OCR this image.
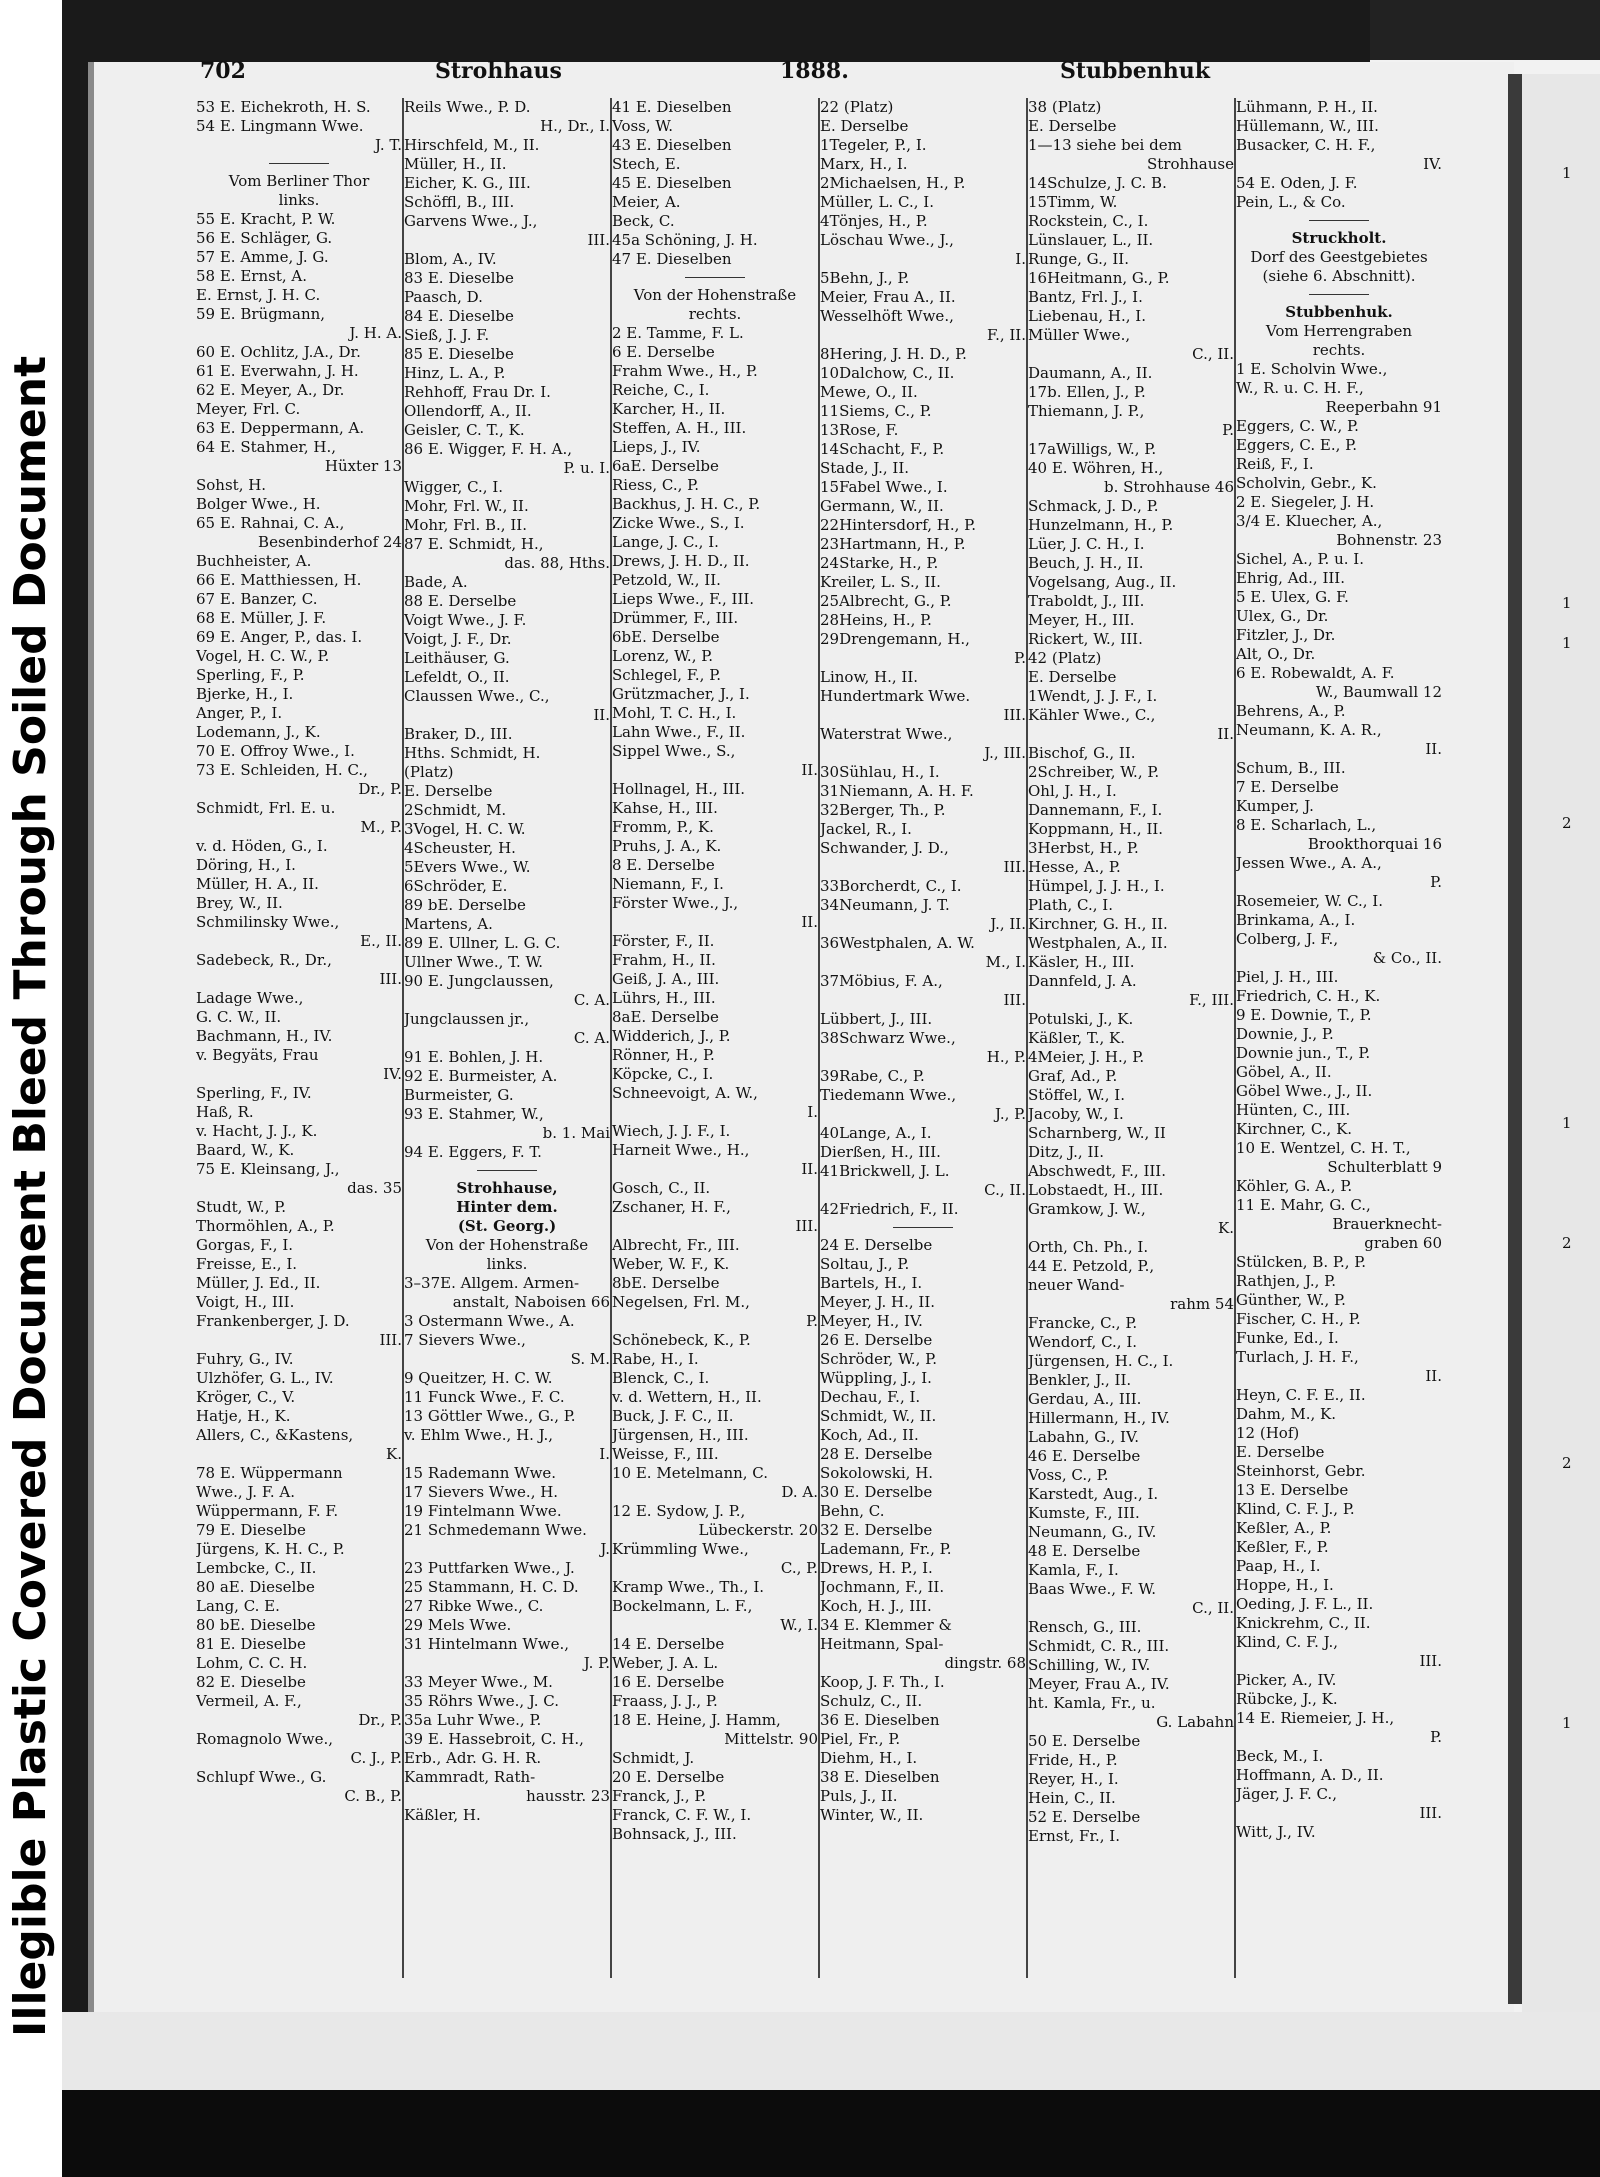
Illegible Plastic Covered Document Bleed Through Soiled Document
1
1
1
2
1
2
2
1
702	Strohhaus	1888.	Stubbenhuk
53 E. Eichekroth, H. S.
54 E. Lingmann Wwe.
J. T.
Vom Berliner Thor
links.
55 E. Kracht, P. W.
56 E. Schläger, G.
57 E. Amme, J. G.
58 E. Ernst, A.
E. Ernst, J. H. C.
59 E. Brügmann,
J. H. A.
60 E. Ochlitz, J.A., Dr.
61 E. Everwahn, J. H.
62 E. Meyer, A., Dr.
Meyer, Frl. C.
63 E. Deppermann, A.
64 E. Stahmer, H.,
Hüxter 13
Sohst, H.
Bolger Wwe., H.
65 E. Rahnai, C. A.,
Besenbinderhof 24
Buchheister, A.
66 E. Matthiessen, H.
67 E. Banzer, C.
68 E. Müller, J. F.
69 E. Anger, P., das. I.
Vogel, H. C. W., P.
Sperling, F., P.
Bjerke, H., I.
Anger, P., I.
Lodemann, J., K.
70 E. Offroy Wwe., I.
73 E. Schleiden, H. C.,
Dr., P.
Schmidt, Frl. E. u.
M., P.
v. d. Höden, G., I.
Döring, H., I.
Müller, H. A., II.
Brey, W., II.
Schmilinsky Wwe.,
E., II.
Sadebeck, R., Dr.,
III.
Ladage Wwe.,
G. C. W., II.
Bachmann, H., IV.
v. Begyäts, Frau
IV.
Sperling, F., IV.
Haß, R.
v. Hacht, J. J., K.
Baard, W., K.
75 E. Kleinsang, J.,
das. 35
Studt, W., P.
Thormöhlen, A., P.
Gorgas, F., I.
Freisse, E., I.
Müller, J. Ed., II.
Voigt, H., III.
Frankenberger, J. D.
III.
Fuhry, G., IV.
Ulzhöfer, G. L., IV.
Kröger, C., V.
Hatje, H., K.
Allers, C., &Kastens,
K.
78 E. Wüppermann
Wwe., J. F. A.
Wüppermann, F. F.
79 E. Dieselbe
Jürgens, K. H. C., P.
Lembcke, C., II.
80 aE. Dieselbe
Lang, C. E.
80 bE. Dieselbe
81 E. Dieselbe
Lohm, C. C. H.
82 E. Dieselbe
Vermeil, A. F.,
Dr., P.
Romagnolo Wwe.,
C. J., P.
Schlupf Wwe., G.
C. B., P.
Reils Wwe., P. D.
H., Dr., I.
Hirschfeld, M., II.
Müller, H., II.
Eicher, K. G., III.
Schöffl, B., III.
Garvens Wwe., J.,
III.
Blom, A., IV.
83 E. Dieselbe
Paasch, D.
84 E. Dieselbe
Sieß, J. J. F.
85 E. Dieselbe
Hinz, L. A., P.
Rehhoff, Frau Dr. I.
Ollendorff, A., II.
Geisler, C. T., K.
86 E. Wigger, F. H. A.,
P. u. I.
Wigger, C., I.
Mohr, Frl. W., II.
Mohr, Frl. B., II.
87 E. Schmidt, H.,
das. 88, Hths.
Bade, A.
88 E. Derselbe
Voigt Wwe., J. F.
Voigt, J. F., Dr.
Leithäuser, G.
Lefeldt, O., II.
Claussen Wwe., C.,
II.
Braker, D., III.
Hths. Schmidt, H.
(Platz)
E. Derselbe
2Schmidt, M.
3Vogel, H. C. W.
4Scheuster, H.
5Evers Wwe., W.
6Schröder, E.
89 bE. Derselbe
Martens, A.
89 E. Ullner, L. G. C.
Ullner Wwe., T. W.
90 E. Jungclaussen,
C. A.
Jungclaussen jr.,
C. A.
91 E. Bohlen, J. H.
92 E. Burmeister, A.
Burmeister, G.
93 E. Stahmer, W.,
b. 1. Mai
94 E. Eggers, F. T.
Strohhause,
Hinter dem.
(St. Georg.)
Von der Hohenstraße
links.
3–37E. Allgem. Armen-
anstalt, Naboisen 66
3 Ostermann Wwe., A.
7 Sievers Wwe.,
S. M.
9 Queitzer, H. C. W.
11 Funck Wwe., F. C.
13 Göttler Wwe., G., P.
v. Ehlm Wwe., H. J.,
I.
15 Rademann Wwe.
17 Sievers Wwe., H.
19 Fintelmann Wwe.
21 Schmedemann Wwe.
J.
23 Puttfarken Wwe., J.
25 Stammann, H. C. D.
27 Ribke Wwe., C.
29 Mels Wwe.
31 Hintelmann Wwe.,
J. P.
33 Meyer Wwe., M.
35 Röhrs Wwe., J. C.
35a Luhr Wwe., P.
39 E. Hassebroit, C. H.,
Erb., Adr. G. H. R.
Kammradt, Rath-
hausstr. 23
Käßler, H.
41 E. Dieselben
Voss, W.
43 E. Dieselben
Stech, E.
45 E. Dieselben
Meier, A.
Beck, C.
45a Schöning, J. H.
47 E. Dieselben
Von der Hohenstraße
rechts.
2 E. Tamme, F. L.
6 E. Derselbe
Frahm Wwe., H., P.
Reiche, C., I.
Karcher, H., II.
Steffen, A. H., III.
Lieps, J., IV.
6aE. Derselbe
Riess, C., P.
Backhus, J. H. C., P.
Zicke Wwe., S., I.
Lange, J. C., I.
Drews, J. H. D., II.
Petzold, W., II.
Lieps Wwe., F., III.
Drümmer, F., III.
6bE. Derselbe
Lorenz, W., P.
Schlegel, F., P.
Grützmacher, J., I.
Mohl, T. C. H., I.
Lahn Wwe., F., II.
Sippel Wwe., S.,
II.
Hollnagel, H., III.
Kahse, H., III.
Fromm, P., K.
Pruhs, J. A., K.
8 E. Derselbe
Niemann, F., I.
Förster Wwe., J.,
II.
Förster, F., II.
Frahm, H., II.
Geiß, J. A., III.
Lührs, H., III.
8aE. Derselbe
Widderich, J., P.
Rönner, H., P.
Köpcke, C., I.
Schneevoigt, A. W.,
I.
Wiech, J. J. F., I.
Harneit Wwe., H.,
II.
Gosch, C., II.
Zschaner, H. F.,
III.
Albrecht, Fr., III.
Weber, W. F., K.
8bE. Derselbe
Negelsen, Frl. M.,
P.
Schönebeck, K., P.
Rabe, H., I.
Blenck, C., I.
v. d. Wettern, H., II.
Buck, J. F. C., II.
Jürgensen, H., III.
Weisse, F., III.
10 E. Metelmann, C.
D. A.
12 E. Sydow, J. P.,
Lübeckerstr. 20
Krümmling Wwe.,
C., P.
Kramp Wwe., Th., I.
Bockelmann, L. F.,
W., I.
14 E. Derselbe
Weber, J. A. L.
16 E. Derselbe
Fraass, J. J., P.
18 E. Heine, J. Hamm,
Mittelstr. 90
Schmidt, J.
20 E. Derselbe
Franck, J., P.
Franck, C. F. W., I.
Bohnsack, J., III.
22 (Platz)
E. Derselbe
1Tegeler, P., I.
Marx, H., I.
2Michaelsen, H., P.
Müller, L. C., I.
4Tönjes, H., P.
Löschau Wwe., J.,
I.
5Behn, J., P.
Meier, Frau A., II.
Wesselhöft Wwe.,
F., II.
8Hering, J. H. D., P.
10Dalchow, C., II.
Mewe, O., II.
11Siems, C., P.
13Rose, F.
14Schacht, F., P.
Stade, J., II.
15Fabel Wwe., I.
Germann, W., II.
22Hintersdorf, H., P.
23Hartmann, H., P.
24Starke, H., P.
Kreiler, L. S., II.
25Albrecht, G., P.
28Heins, H., P.
29Drengemann, H.,
P.
Linow, H., II.
Hundertmark Wwe.
III.
Waterstrat Wwe.,
J., III.
30Sühlau, H., I.
31Niemann, A. H. F.
32Berger, Th., P.
Jackel, R., I.
Schwander, J. D.,
III.
33Borcherdt, C., I.
34Neumann, J. T.
J., II.
36Westphalen, A. W.
M., I.
37Möbius, F. A.,
III.
Lübbert, J., III.
38Schwarz Wwe.,
H., P.
39Rabe, C., P.
Tiedemann Wwe.,
J., P.
40Lange, A., I.
Dierßen, H., III.
41Brickwell, J. L.
C., II.
42Friedrich, F., II.
24 E. Derselbe
Soltau, J., P.
Bartels, H., I.
Meyer, J. H., II.
Meyer, H., IV.
26 E. Derselbe
Schröder, W., P.
Wüppling, J., I.
Dechau, F., I.
Schmidt, W., II.
Koch, Ad., II.
28 E. Derselbe
Sokolowski, H.
30 E. Derselbe
Behn, C.
32 E. Derselbe
Lademann, Fr., P.
Drews, H. P., I.
Jochmann, F., II.
Koch, H. J., III.
34 E. Klemmer &
Heitmann, Spal-
dingstr. 68
Koop, J. F. Th., I.
Schulz, C., II.
36 E. Dieselben
Piel, Fr., P.
Diehm, H., I.
38 E. Dieselben
Puls, J., II.
Winter, W., II.
38 (Platz)
E. Derselbe
1—13 siehe bei dem
Strohhause
14Schulze, J. C. B.
15Timm, W.
Rockstein, C., I.
Lünslauer, L., II.
Runge, G., II.
16Heitmann, G., P.
Bantz, Frl. J., I.
Liebenau, H., I.
Müller Wwe.,
C., II.
Daumann, A., II.
17b. Ellen, J., P.
Thiemann, J. P.,
P.
17aWilligs, W., P.
40 E. Wöhren, H.,
b. Strohhause 46
Schmack, J. D., P.
Hunzelmann, H., P.
Lüer, J. C. H., I.
Beuch, J. H., II.
Vogelsang, Aug., II.
Traboldt, J., III.
Meyer, H., III.
Rickert, W., III.
42 (Platz)
E. Derselbe
1Wendt, J. J. F., I.
Kähler Wwe., C.,
II.
Bischof, G., II.
2Schreiber, W., P.
Ohl, J. H., I.
Dannemann, F., I.
Koppmann, H., II.
3Herbst, H., P.
Hesse, A., P.
Hümpel, J. J. H., I.
Plath, C., I.
Kirchner, G. H., II.
Westphalen, A., II.
Käsler, H., III.
Dannfeld, J. A.
F., III.
Potulski, J., K.
Käßler, T., K.
4Meier, J. H., P.
Graf, Ad., P.
Stöffel, W., I.
Jacoby, W., I.
Scharnberg, W., II
Ditz, J., II.
Abschwedt, F., III.
Lobstaedt, H., III.
Gramkow, J. W.,
K.
Orth, Ch. Ph., I.
44 E. Petzold, P.,
neuer Wand-
rahm 54
Francke, C., P.
Wendorf, C., I.
Jürgensen, H. C., I.
Benkler, J., II.
Gerdau, A., III.
Hillermann, H., IV.
Labahn, G., IV.
46 E. Derselbe
Voss, C., P.
Karstedt, Aug., I.
Kumste, F., III.
Neumann, G., IV.
48 E. Derselbe
Kamla, F., I.
Baas Wwe., F. W.
C., II.
Rensch, G., III.
Schmidt, C. R., III.
Schilling, W., IV.
Meyer, Frau A., IV.
ht. Kamla, Fr., u.
G. Labahn
50 E. Derselbe
Fride, H., P.
Reyer, H., I.
Hein, C., II.
52 E. Derselbe
Ernst, Fr., I.
Lühmann, P. H., II.
Hüllemann, W., III.
Busacker, C. H. F.,
IV.
54 E. Oden, J. F.
Pein, L., & Co.
Struckholt.
Dorf des Geestgebietes
(siehe 6. Abschnitt).
Stubbenhuk.
Vom Herrengraben
rechts.
1 E. Scholvin Wwe.,
W., R. u. C. H. F.,
Reeperbahn 91
Eggers, C. W., P.
Eggers, C. E., P.
Reiß, F., I.
Scholvin, Gebr., K.
2 E. Siegeler, J. H.
3/4 E. Kluecher, A.,
Bohnenstr. 23
Sichel, A., P. u. I.
Ehrig, Ad., III.
5 E. Ulex, G. F.
Ulex, G., Dr.
Fitzler, J., Dr.
Alt, O., Dr.
6 E. Robewaldt, A. F.
W., Baumwall 12
Behrens, A., P.
Neumann, K. A. R.,
II.
Schum, B., III.
7 E. Derselbe
Kumper, J.
8 E. Scharlach, L.,
Brookthorquai 16
Jessen Wwe., A. A.,
P.
Rosemeier, W. C., I.
Brinkama, A., I.
Colberg, J. F.,
& Co., II.
Piel, J. H., III.
Friedrich, C. H., K.
9 E. Downie, T., P.
Downie, J., P.
Downie jun., T., P.
Göbel, A., II.
Göbel Wwe., J., II.
Hünten, C., III.
Kirchner, C., K.
10 E. Wentzel, C. H. T.,
Schulterblatt 9
Köhler, G. A., P.
11 E. Mahr, G. C.,
Brauerknecht-
graben 60
Stülcken, B. P., P.
Rathjen, J., P.
Günther, W., P.
Fischer, C. H., P.
Funke, Ed., I.
Turlach, J. H. F.,
II.
Heyn, C. F. E., II.
Dahm, M., K.
12 (Hof)
E. Derselbe
Steinhorst, Gebr.
13 E. Derselbe
Klind, C. F. J., P.
Keßler, A., P.
Keßler, F., P.
Paap, H., I.
Hoppe, H., I.
Oeding, J. F. L., II.
Knickrehm, C., II.
Klind, C. F. J.,
III.
Picker, A., IV.
Rübcke, J., K.
14 E. Riemeier, J. H.,
P.
Beck, M., I.
Hoffmann, A. D., II.
Jäger, J. F. C.,
III.
Witt, J., IV.
